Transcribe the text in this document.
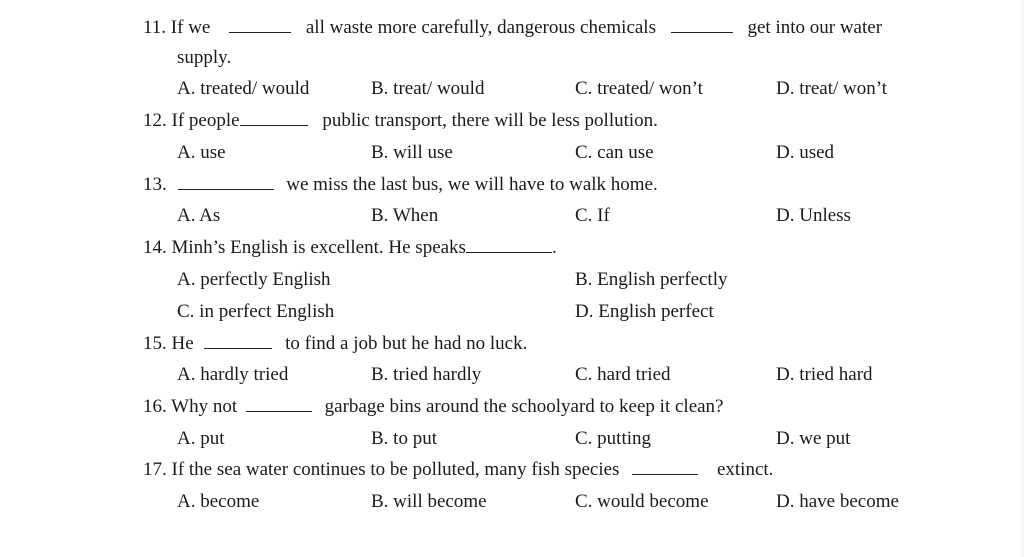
11. If we	all waste more carefully, dangerous chemicals	get into our water
supply.
A. treated/ would	B. treat/ would	C. treated/ won’t	D. treat/ won’t
12. If people	public transport, there will be less pollution.
A. use	B. will use	C. can use	D. used
13.	we miss the last bus, we will have to walk home.
A. As	B. When	C. If	D. Unless
14. Minh’s English is excellent. He speaks	.
A. perfectly English	B. English perfectly
C. in perfect English	D. English perfect
15. He	to find a job but he had no luck.
A. hardly tried	B. tried hardly	C. hard tried	D. tried hard
16. Why not	garbage bins around the schoolyard to keep it clean?
A. put	B. to put	C. putting	D. we put
17. If the sea water continues to be polluted, many fish species	extinct.
A. become	B. will become	C. would become	D. have become
